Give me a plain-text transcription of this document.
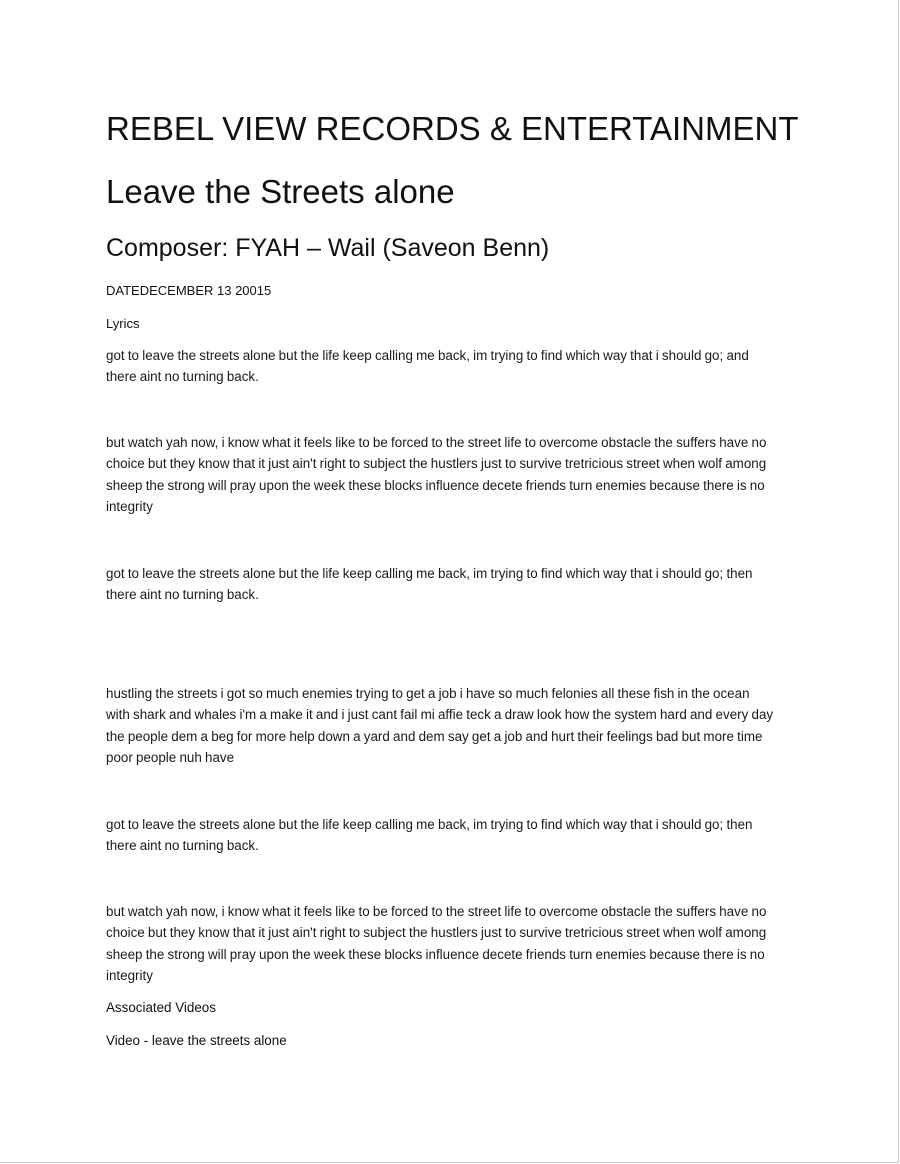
REBEL VIEW RECORDS & ENTERTAINMENT
Leave the Streets alone
Composer: FYAH – Wail (Saveon Benn)

DATEDECEMBER 13 20015

Lyrics

got to leave the streets alone but the life keep calling me back, im trying to find which way that i should go; and there aint no turning back.

but watch yah now, i know what it feels like to be forced to the street life to overcome obstacle the suffers have no choice but they know that it just ain't right to subject the hustlers just to survive tretricious street when wolf among sheep the strong will pray upon the week these blocks influence decete friends turn enemies because there is no integrity

got to leave the streets alone but the life keep calling me back, im trying to find which way that i should go; then there aint no turning back.

hustling the streets i got so much enemies trying to get a job i have so much felonies all these fish in the ocean with shark and whales i'm a make it and i just cant fail mi affie teck a draw look how the system hard and every day the people dem a beg for more help down a yard and dem say get a job and hurt their feelings bad but more time poor people nuh have

got to leave the streets alone but the life keep calling me back, im trying to find which way that i should go; then there aint no turning back.

but watch yah now, i know what it feels like to be forced to the street life to overcome obstacle the suffers have no choice but they know that it just ain't right to subject the hustlers just to survive tretricious street when wolf among sheep the strong will pray upon the week these blocks influence decete friends turn enemies because there is no integrity

Associated Videos

Video - leave the streets alone
